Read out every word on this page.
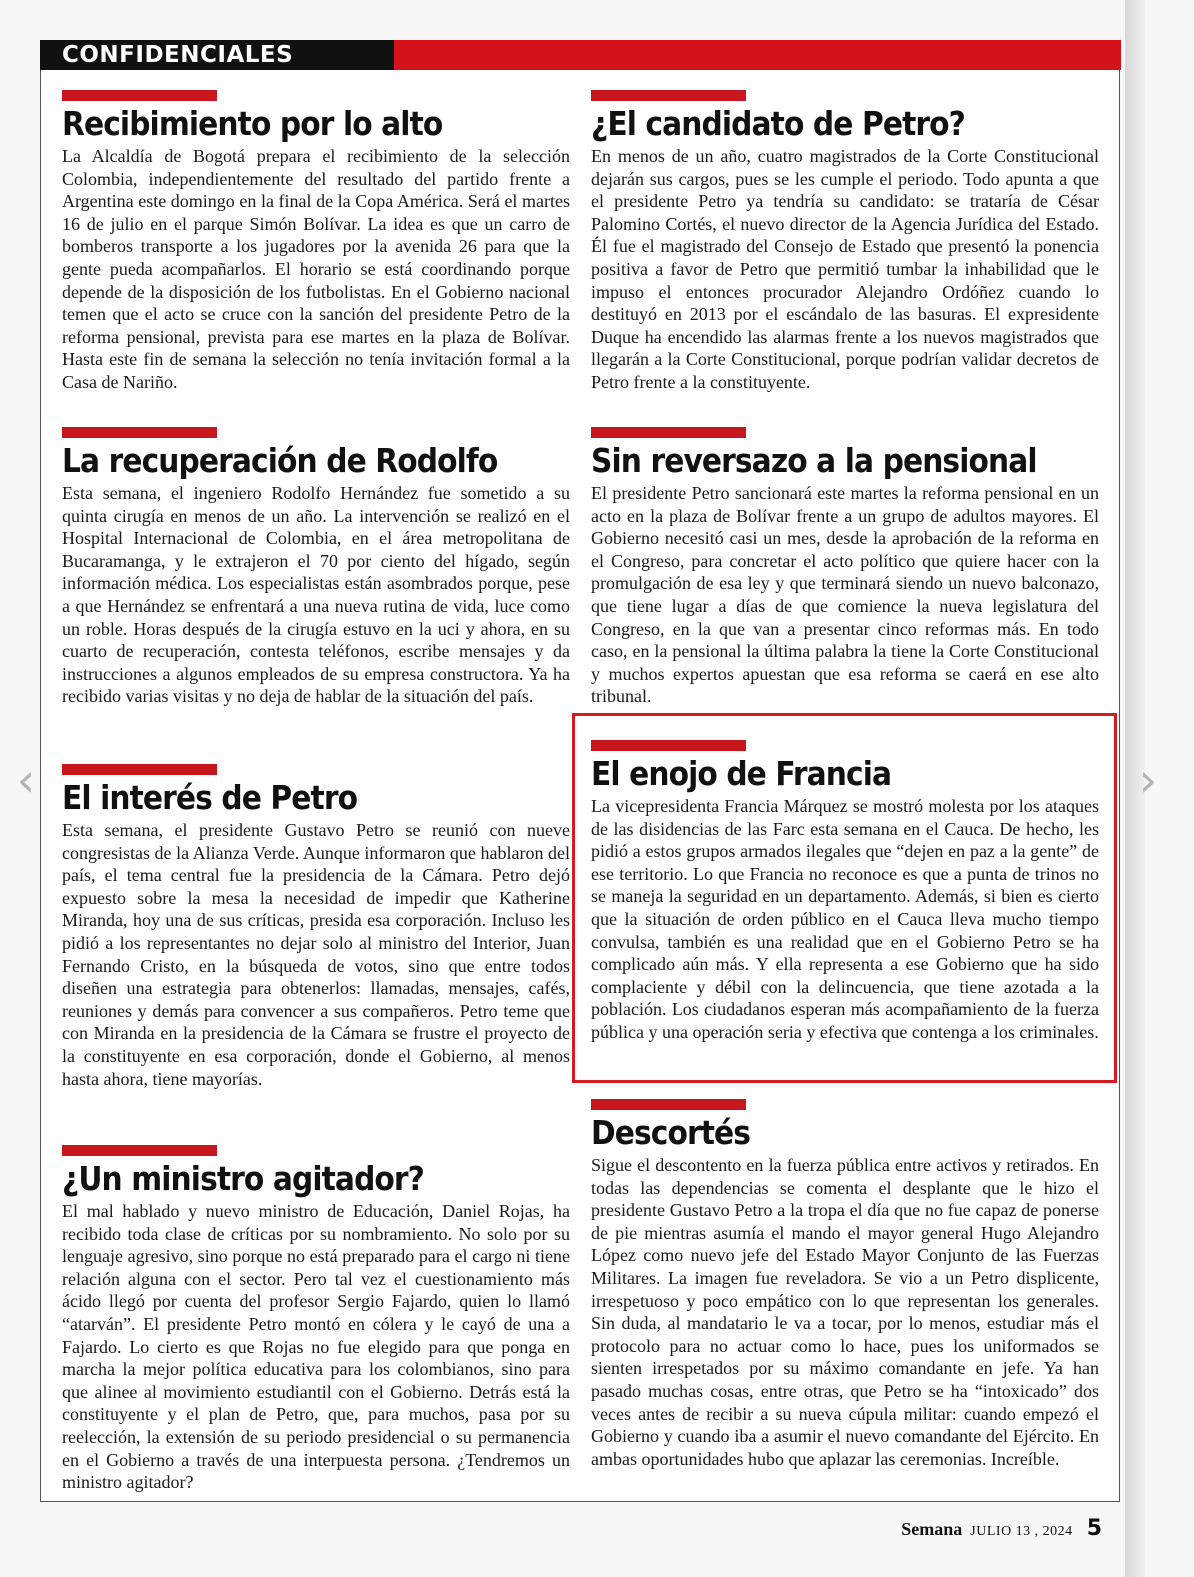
CONFIDENCIALES
Recibimiento por lo alto

La Alcaldía de Bogotá prepara el recibimiento de la selección Colombia, independientemente del resultado del partido frente a Argentina este domingo en la final de la Copa América. Será el martes 16 de julio en el parque Simón Bolívar. La idea es que un carro de bomberos transporte a los jugadores por la avenida 26 para que la gente pueda acompañarlos. El horario se está coordinando porque depende de la disposición de los futbolistas. En el Gobierno nacional temen que el acto se cruce con la sanción del presidente Petro de la reforma pensional, prevista para ese martes en la plaza de Bolívar. Hasta este fin de semana la selección no tenía invitación formal a la Casa de Nariño.

La recuperación de Rodolfo

Esta semana, el ingeniero Rodolfo Hernández fue sometido a su quinta cirugía en menos de un año. La intervención se realizó en el Hospital Internacional de Colombia, en el área metropolitana de Bucaramanga, y le extrajeron el 70 por ciento del hígado, según información médica. Los especialistas están asombrados porque, pese a que Hernández se enfrentará a una nueva rutina de vida, luce como un roble. Horas después de la cirugía estuvo en la uci y ahora, en su cuarto de recuperación, contesta teléfonos, escribe mensajes y da instrucciones a algunos empleados de su empresa constructora. Ya ha recibido varias visitas y no deja de hablar de la situación del país.

El interés de Petro

Esta semana, el presidente Gustavo Petro se reunió con nueve congresistas de la Alianza Verde. Aunque informaron que hablaron del país, el tema central fue la presidencia de la Cámara. Petro dejó expuesto sobre la mesa la necesidad de impedir que Katherine Miranda, hoy una de sus críticas, presida esa corporación. Incluso les pidió a los representantes no dejar solo al ministro del Interior, Juan Fernando Cristo, en la búsqueda de votos, sino que entre todos diseñen una estrategia para obtenerlos: llamadas, mensajes, cafés, reuniones y demás para convencer a sus compañeros. Petro teme que con Miranda en la presidencia de la Cámara se frustre el proyecto de la constituyente en esa corporación, donde el Gobierno, al menos hasta ahora, tiene mayorías.

¿Un ministro agitador?

El mal hablado y nuevo ministro de Educación, Daniel Rojas, ha recibido toda clase de críticas por su nombramiento. No solo por su lenguaje agresivo, sino porque no está preparado para el cargo ni tiene relación alguna con el sector. Pero tal vez el cuestionamiento más ácido llegó por cuenta del profesor Sergio Fajardo, quien lo llamó “atarván”. El presidente Petro montó en cólera y le cayó de una a Fajardo. Lo cierto es que Rojas no fue elegido para que ponga en marcha la mejor política educativa para los colombianos, sino para que alinee al movimiento estudiantil con el Gobierno. Detrás está la constituyente y el plan de Petro, que, para muchos, pasa por su reelección, la extensión de su periodo presidencial o su permanencia en el Gobierno a través de una interpuesta persona. ¿Tendremos un ministro agitador?

¿El candidato de Petro?

En menos de un año, cuatro magistrados de la Corte Constitucional dejarán sus cargos, pues se les cumple el periodo. Todo apunta a que el presidente Petro ya tendría su candidato: se trataría de César Palomino Cortés, el nuevo director de la Agencia Jurídica del Estado. Él fue el magistrado del Consejo de Estado que presentó la ponencia positiva a favor de Petro que permitió tumbar la inhabilidad que le impuso el entonces procurador Alejandro Ordóñez cuando lo destituyó en 2013 por el escándalo de las basuras. El expresidente Duque ha encendido las alarmas frente a los nuevos magistrados que llegarán a la Corte Constitucional, porque podrían validar decretos de Petro frente a la constituyente.

Sin reversazo a la pensional

El presidente Petro sancionará este martes la reforma pensional en un acto en la plaza de Bolívar frente a un grupo de adultos mayores. El Gobierno necesitó casi un mes, desde la aprobación de la reforma en el Congreso, para concretar el acto político que quiere hacer con la promulgación de esa ley y que terminará siendo un nuevo balconazo, que tiene lugar a días de que comience la nueva legislatura del Congreso, en la que van a presentar cinco reformas más. En todo caso, en la pensional la última palabra la tiene la Corte Constitucional y muchos expertos apuestan que esa reforma se caerá en ese alto tribunal.

El enojo de Francia

La vicepresidenta Francia Márquez se mostró molesta por los ataques de las disidencias de las Farc esta semana en el Cauca. De hecho, les pidió a estos grupos armados ilegales que “dejen en paz a la gente” de ese territorio. Lo que Francia no reconoce es que a punta de trinos no se maneja la seguridad en un departamento. Además, si bien es cierto que la situación de orden público en el Cauca lleva mucho tiempo convulsa, también es una realidad que en el Gobierno Petro se ha complicado aún más. Y ella representa a ese Gobierno que ha sido complaciente y débil con la delincuencia, que tiene azotada a la población. Los ciudadanos esperan más acompañamiento de la fuerza pública y una operación seria y efectiva que contenga a los criminales.

Descortés

Sigue el descontento en la fuerza pública entre activos y retirados. En todas las dependencias se comenta el desplante que le hizo el presidente Gustavo Petro a la tropa el día que no fue capaz de ponerse de pie mientras asumía el mando el mayor general Hugo Alejandro López como nuevo jefe del Estado Mayor Conjunto de las Fuerzas Militares. La imagen fue reveladora. Se vio a un Petro displicente, irrespetuoso y poco empático con lo que representan los generales. Sin duda, al mandatario le va a tocar, por lo menos, estudiar más el protocolo para no actuar como lo hace, pues los uniformados se sienten irrespetados por su máximo comandante en jefe. Ya han pasado muchas cosas, entre otras, que Petro se ha “intoxicado” dos veces antes de recibir a su nueva cúpula militar: cuando empezó el Gobierno y cuando iba a asumir el nuevo comandante del Ejército. En ambas oportunidades hubo que aplazar las ceremonias. Increíble.

‹	›
Semana JULIO 13 , 2024 5
